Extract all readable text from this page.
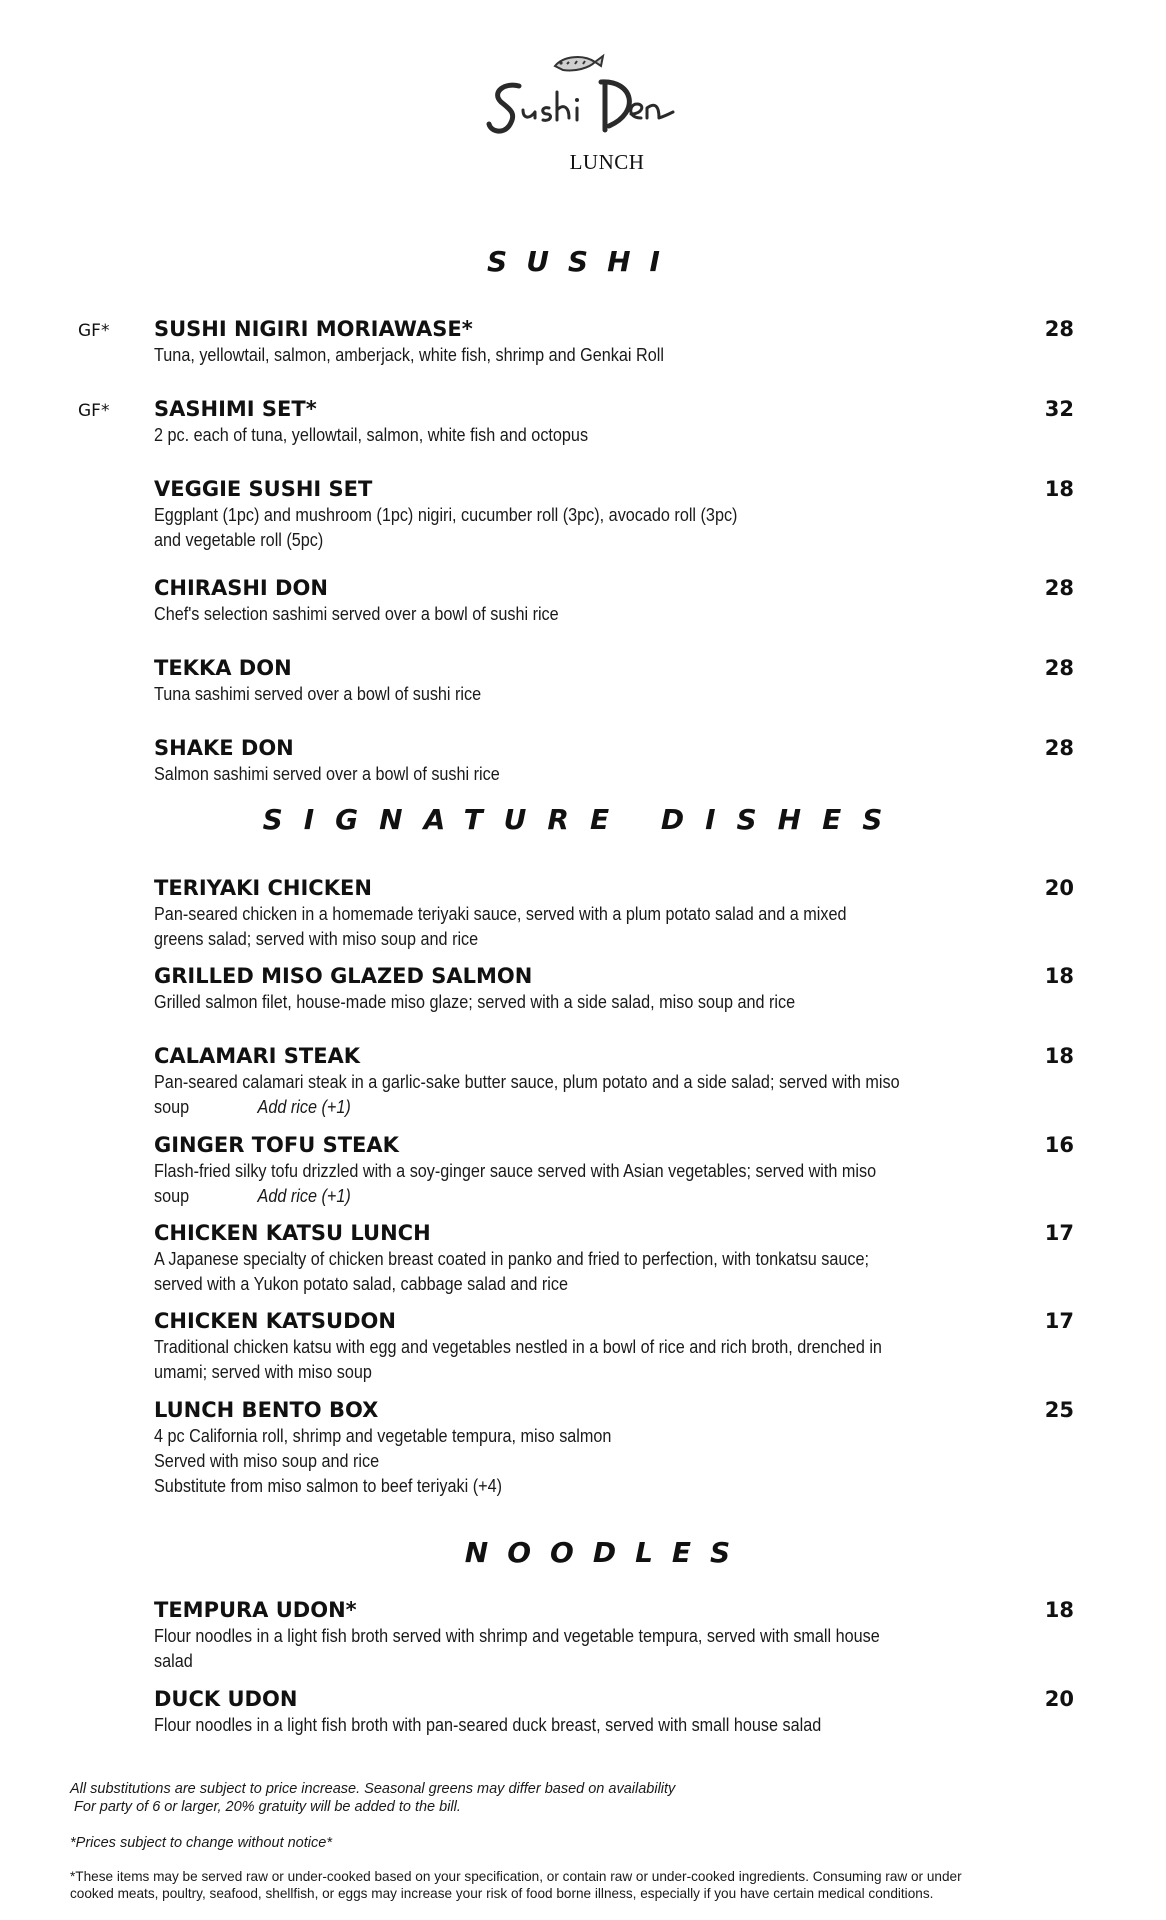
LUNCH
SUSHI
GF* SUSHI NIGIRI MORIAWASE*	28
Tuna, yellowtail, salmon, amberjack, white fish, shrimp and Genkai Roll
GF* SASHIMI SET*	32
2 pc. each of tuna, yellowtail, salmon, white fish and octopus
VEGGIE SUSHI SET	18
Eggplant (1pc) and mushroom (1pc) nigiri, cucumber roll (3pc), avocado roll (3pc)
and vegetable roll (5pc)
CHIRASHI DON	28
Chef's selection sashimi served over a bowl of sushi rice
TEKKA DON	28
Tuna sashimi served over a bowl of sushi rice
SHAKE DON	28
Salmon sashimi served over a bowl of sushi rice
SIGNATURE DISHES
TERIYAKI CHICKEN	20
Pan-seared chicken in a homemade teriyaki sauce, served with a plum potato salad and a mixed
greens salad; served with miso soup and rice
GRILLED MISO GLAZED SALMON	18
Grilled salmon filet, house-made miso glaze; served with a side salad, miso soup and rice
CALAMARI STEAK	18
Pan-seared calamari steak in a garlic-sake butter sauce, plum potato and a side salad; served with miso
soup	Add rice (+1)
GINGER TOFU STEAK	16
Flash-fried silky tofu drizzled with a soy-ginger sauce served with Asian vegetables; served with miso
soup	Add rice (+1)
CHICKEN KATSU LUNCH	17
A Japanese specialty of chicken breast coated in panko and fried to perfection, with tonkatsu sauce;
served with a Yukon potato salad, cabbage salad and rice
CHICKEN KATSUDON	17
Traditional chicken katsu with egg and vegetables nestled in a bowl of rice and rich broth, drenched in
umami; served with miso soup
LUNCH BENTO BOX	25
4 pc California roll, shrimp and vegetable tempura, miso salmon
Served with miso soup and rice
Substitute from miso salmon to beef teriyaki (+4)
NOODLES
TEMPURA UDON*	18
Flour noodles in a light fish broth served with shrimp and vegetable tempura, served with small house
salad
DUCK UDON	20
Flour noodles in a light fish broth with pan-seared duck breast, served with small house salad
All substitutions are subject to price increase. Seasonal greens may differ based on availability
For party of 6 or larger, 20% gratuity will be added to the bill.
*Prices subject to change without notice*
*These items may be served raw or under-cooked based on your specification, or contain raw or under-cooked ingredients. Consuming raw or under
cooked meats, poultry, seafood, shellfish, or eggs may increase your risk of food borne illness, especially if you have certain medical conditions.
